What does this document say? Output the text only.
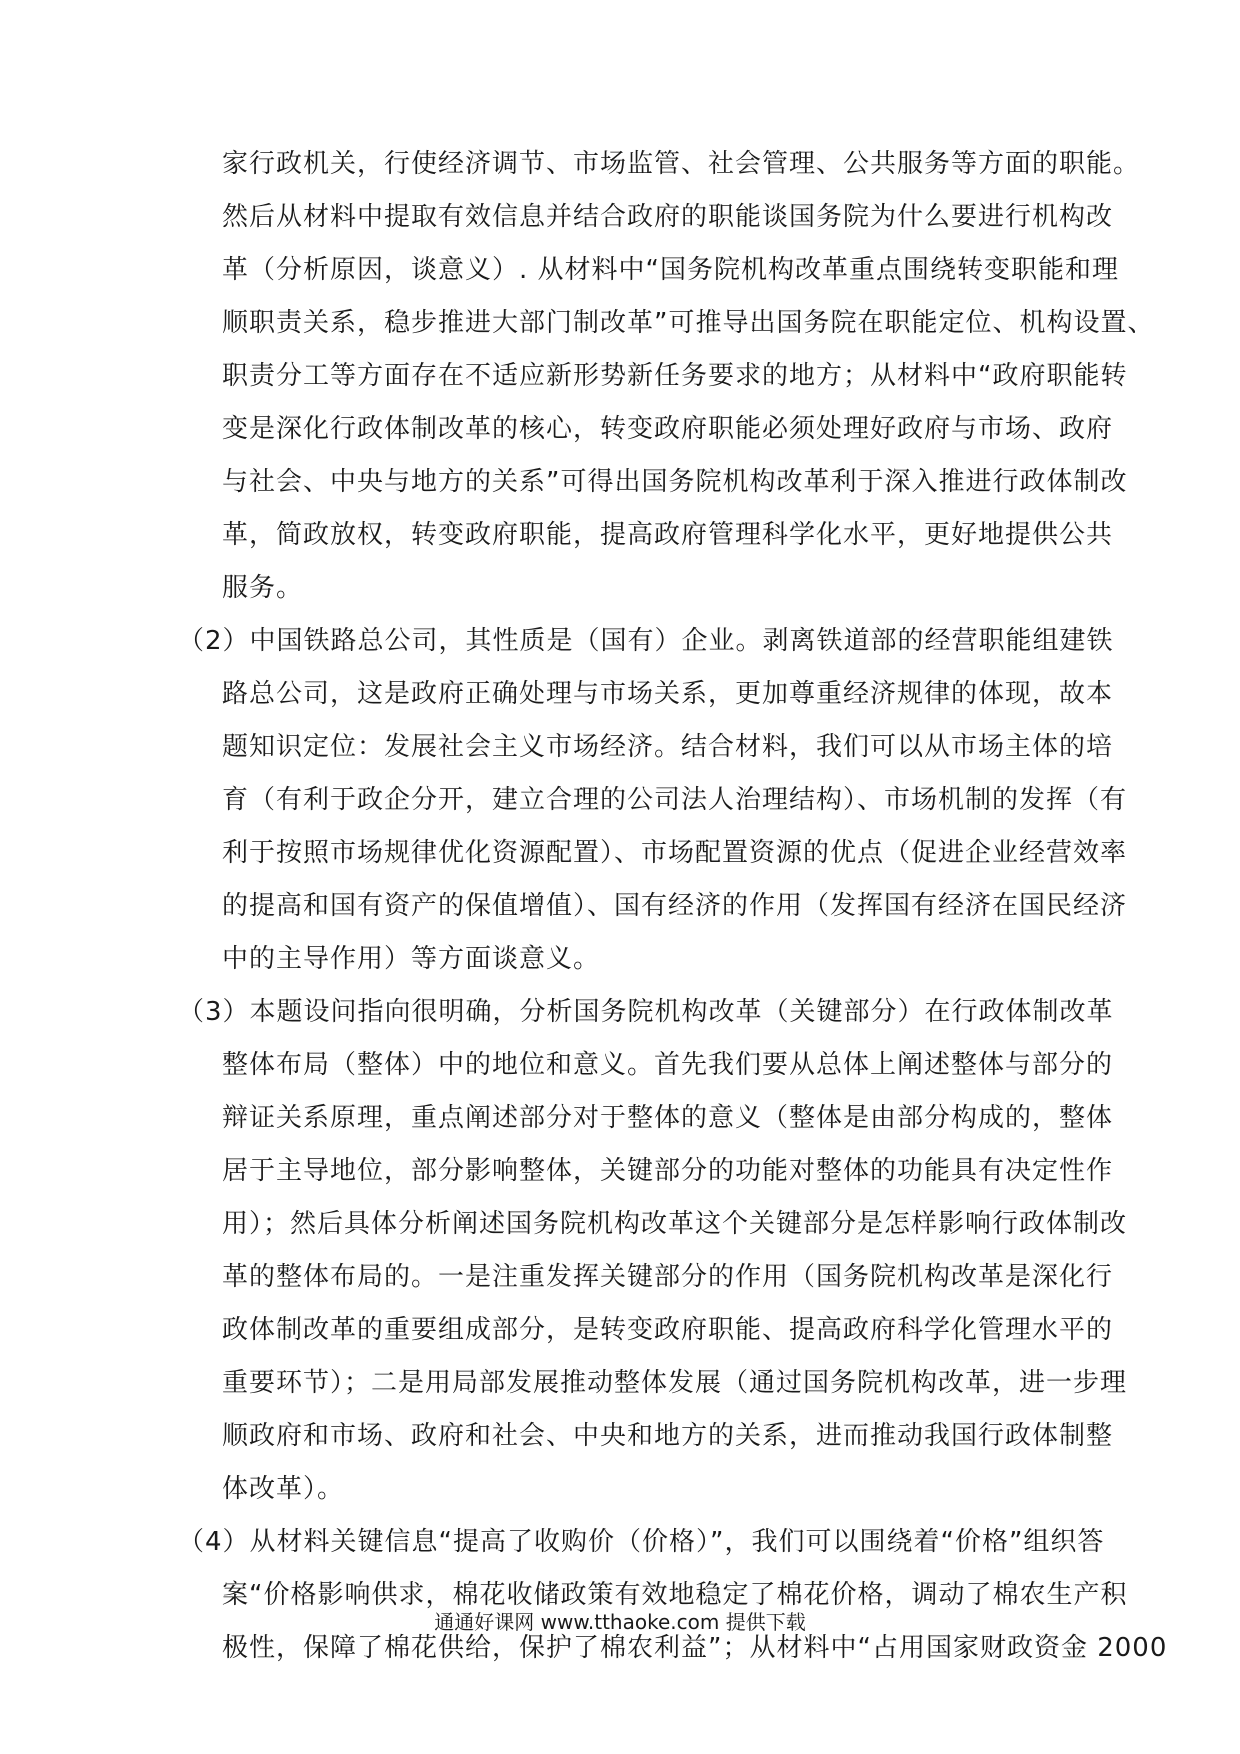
家行政机关，行使经济调节、市场监管、社会管理、公共服务等方面的职能。
然后从材料中提取有效信息并结合政府的职能谈国务院为什么要进行机构改
革（分析原因，谈意义）. 从材料中“国务院机构改革重点围绕转变职能和理
顺职责关系，稳步推进大部门制改革”可推导出国务院在职能定位、机构设置、
职责分工等方面存在不适应新形势新任务要求的地方；从材料中“政府职能转
变是深化行政体制改革的核心，转变政府职能必须处理好政府与市场、政府
与社会、中央与地方的关系”可得出国务院机构改革利于深入推进行政体制改
革，简政放权，转变政府职能，提高政府管理科学化水平，更好地提供公共
服务。
（2）中国铁路总公司，其性质是（国有）企业。剥离铁道部的经营职能组建铁
路总公司，这是政府正确处理与市场关系，更加尊重经济规律的体现，故本
题知识定位：发展社会主义市场经济。结合材料，我们可以从市场主体的培
育（有利于政企分开，建立合理的公司法人治理结构）、市场机制的发挥（有
利于按照市场规律优化资源配置）、市场配置资源的优点（促进企业经营效率
的提高和国有资产的保值增值）、国有经济的作用（发挥国有经济在国民经济
中的主导作用）等方面谈意义。
（3）本题设问指向很明确，分析国务院机构改革（关键部分）在行政体制改革
整体布局（整体）中的地位和意义。首先我们要从总体上阐述整体与部分的
辩证关系原理，重点阐述部分对于整体的意义（整体是由部分构成的，整体
居于主导地位，部分影响整体，关键部分的功能对整体的功能具有决定性作
用）；然后具体分析阐述国务院机构改革这个关键部分是怎样影响行政体制改
革的整体布局的。一是注重发挥关键部分的作用（国务院机构改革是深化行
政体制改革的重要组成部分，是转变政府职能、提高政府科学化管理水平的
重要环节）；二是用局部发展推动整体发展（通过国务院机构改革，进一步理
顺政府和市场、政府和社会、中央和地方的关系，进而推动我国行政体制整
体改革）。
（4）从材料关键信息“提高了收购价（价格）”，我们可以围绕着“价格”组织答
案“价格影响供求，棉花收储政策有效地稳定了棉花价格，调动了棉农生产积
极性，保障了棉花供给，保护了棉农利益”；从材料中“占用国家财政资金 2000
通通好课网 www.tthaoke.com 提供下载
